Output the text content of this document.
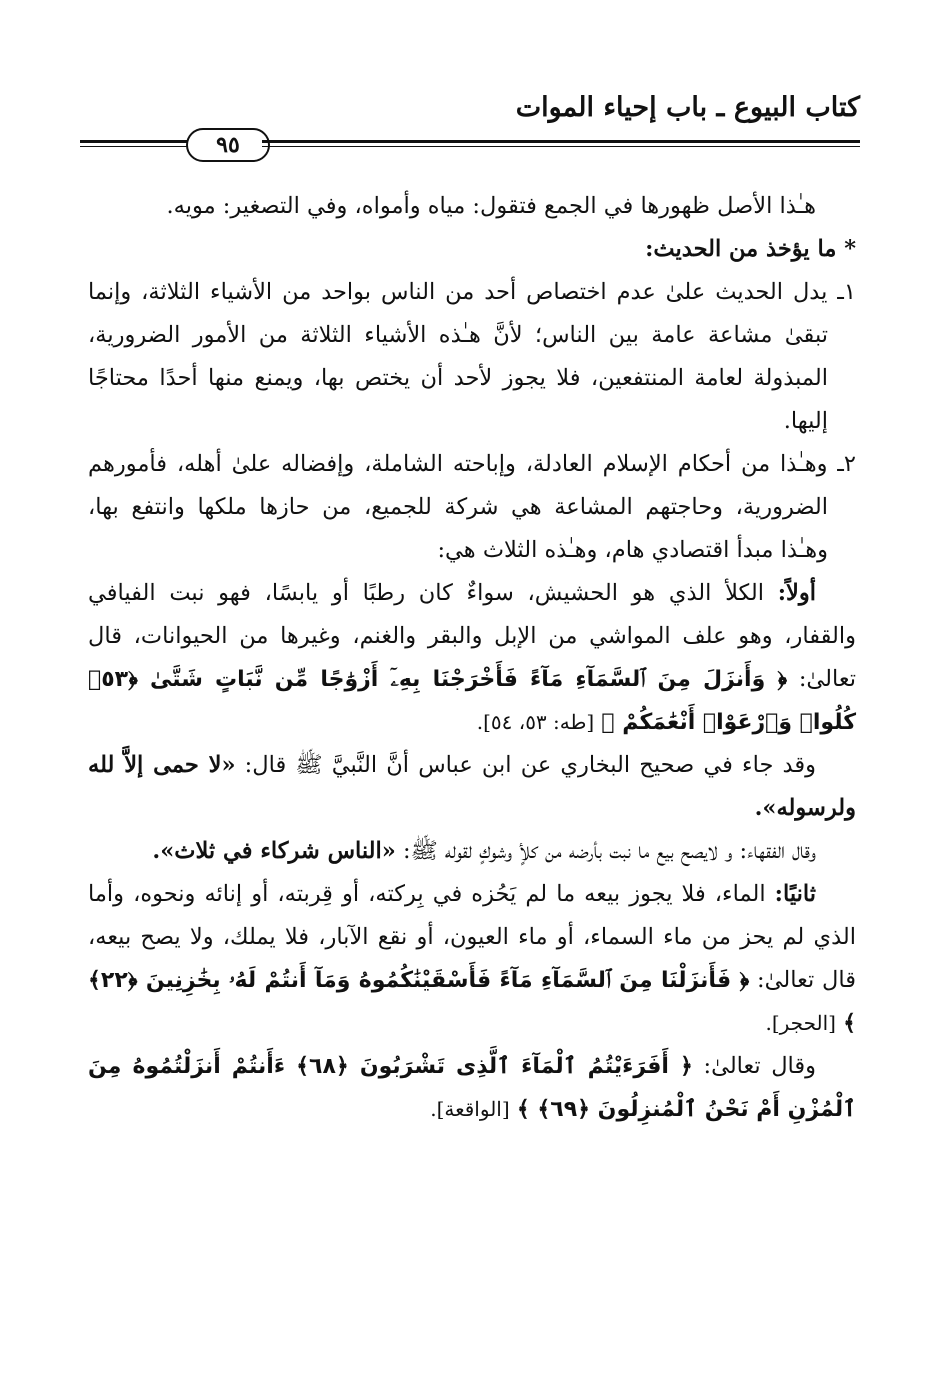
كتاب البيوع ـ باب إحياء الموات
٩٥

هـٰذا الأصل ظهورها في الجمع فتقول: مياه وأمواه، وفي التصغير: مويه.

* ما يؤخذ من الحديث:

١ـ يدل الحديث علىٰ عدم اختصاص أحد من الناس بواحد من الأشياء الثلاثة، وإنما تبقىٰ مشاعة عامة بين الناس؛ لأنَّ هـٰذه الأشياء الثلاثة من الأمور الضرورية، المبذولة لعامة المنتفعين، فلا يجوز لأحد أن يختص بها، ويمنع منها أحدًا محتاجًا إليها.

٢ـ وهـٰذا من أحكام الإسلام العادلة، وإباحته الشاملة، وإفضاله علىٰ أهله، فأمورهم الضرورية، وحاجتهم المشاعة هي شركة للجميع، من حازها ملكها وانتفع بها، وهـٰذا مبدأ اقتصادي هام، وهـٰذه الثلاث هي:

أولاً: الكلأ الذي هو الحشيش، سواءٌ كان رطبًا أو يابسًا، فهو نبت الفيافي والقفار، وهو علف المواشي من الإبل والبقر والغنم، وغيرها من الحيوانات، قال تعالىٰ: ﴿ وَأَنزَلَ مِنَ ٱلسَّمَآءِ مَآءً فَأَخْرَجْنَا بِهِۦٓ أَزْوَٰجًا مِّن نَّبَاتٍ شَتَّىٰ ﴿٥٣﴾ كُلُوا۟ وَٱرْعَوْا۟ أَنْعَٰمَكُمْ ﴾ [طه: ٥٣، ٥٤].

وقد جاء في صحيح البخاري عن ابن عباس أنَّ النَّبيَّ ﷺ قال: «لا حمى إلاَّ لله ولرسوله».

وقال الفقهاء: و لايصح بيع ما نبت بأرضه من كلأٍ وشوكٍ لقوله ﷺ: «الناس شركاء في ثلاث».

ثانيًا: الماء، فلا يجوز بيعه ما لم يَحُزه في بِركته، أو قِربته، أو إنائه ونحوه، وأما الذي لم يحز من ماء السماء، أو ماء العيون، أو نقع الآبار، فلا يملك، ولا يصح بيعه، قال تعالىٰ: ﴿ فَأَنزَلْنَا مِنَ ٱلسَّمَآءِ مَآءً فَأَسْقَيْنَٰكُمُوهُ وَمَآ أَنتُمْ لَهُۥ بِخَٰزِنِينَ ﴿٢٢﴾ ﴾ [الحجر].

وقال تعالىٰ: ﴿ أَفَرَءَيْتُمُ ٱلْمَآءَ ٱلَّذِى تَشْرَبُونَ ﴿٦٨﴾ ءَأَنتُمْ أَنزَلْتُمُوهُ مِنَ ٱلْمُزْنِ أَمْ نَحْنُ ٱلْمُنزِلُونَ ﴿٦٩﴾ ﴾ [الواقعة].
